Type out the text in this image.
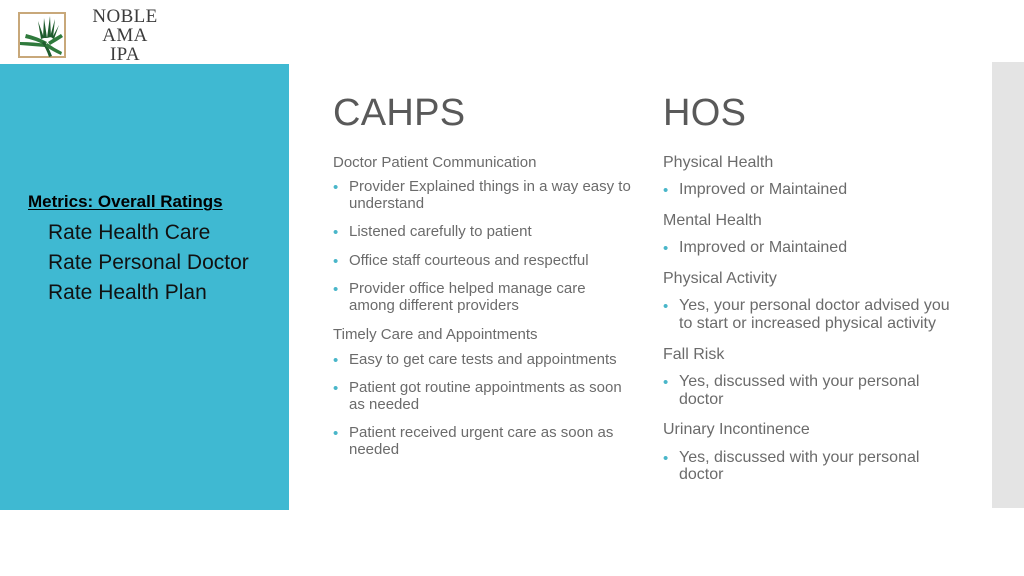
NOBLE AMA
IPA
Metrics: Overall Ratings
Rate Health Care
Rate Personal Doctor
Rate Health Plan
CAHPS
Doctor Patient Communication
• Provider Explained things in a way easy to understand
• Listened carefully to patient
• Office staff courteous and respectful
• Provider office helped manage care among different providers
Timely Care and Appointments
• Easy to get care tests and appointments
• Patient got routine appointments as soon as needed
• Patient received urgent care as soon as needed
HOS
Physical Health
• Improved or Maintained
Mental Health
• Improved or Maintained
Physical Activity
• Yes, your personal doctor advised you to start or increased physical activity
Fall Risk
• Yes, discussed with your personal doctor
Urinary Incontinence
• Yes, discussed with your personal doctor
